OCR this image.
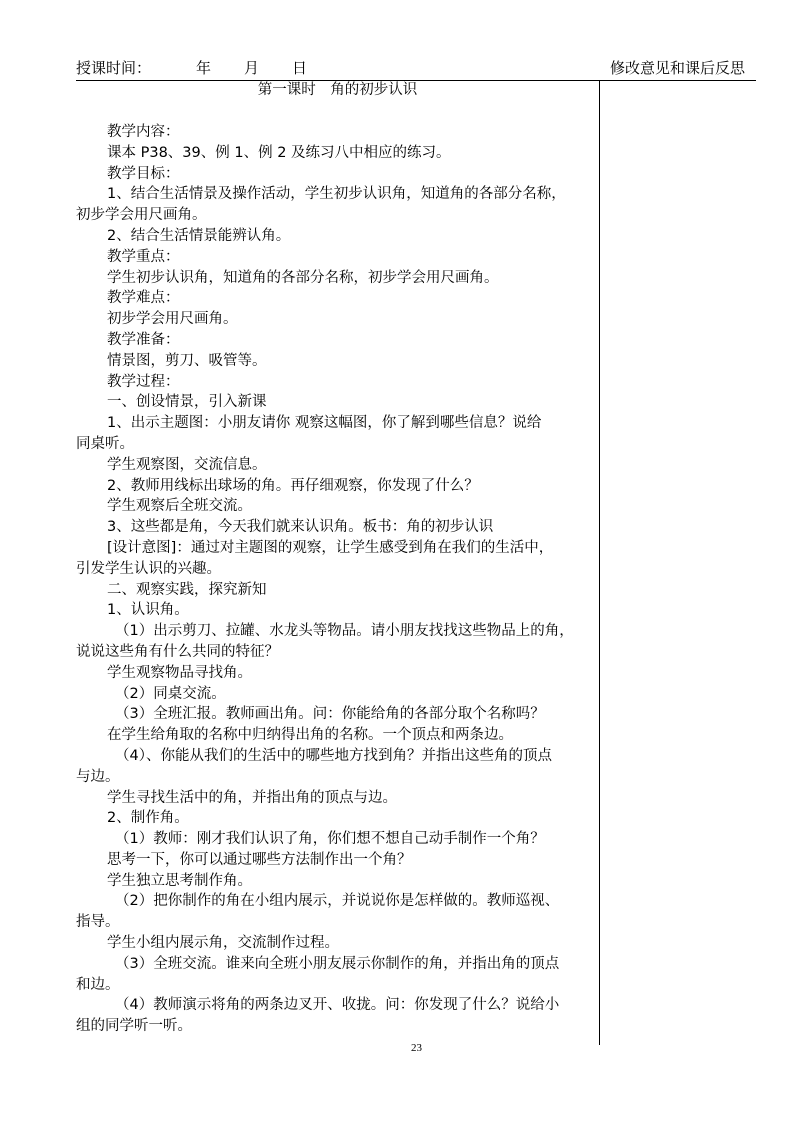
授课时间：	年 月 日	修改意见和课后反思
第一课时　角的初步认识

教学内容：

课本 P38、39、例 1、例 2 及练习八中相应的练习。

教学目标：

1、结合生活情景及操作活动，学生初步认识角，知道角的各部分名称，

初步学会用尺画角。

2、结合生活情景能辨认角。

教学重点：

学生初步认识角，知道角的各部分名称，初步学会用尺画角。

教学难点：

初步学会用尺画角。

教学准备：

情景图，剪刀、吸管等。

教学过程：

一、创设情景，引入新课

1、出示主题图：小朋友请你 观察这幅图，你了解到哪些信息？说给

同桌听。

学生观察图，交流信息。

2、教师用线标出球场的角。再仔细观察，你发现了什么？

学生观察后全班交流。

3、这些都是角，今天我们就来认识角。板书：角的初步认识

[设计意图]：通过对主题图的观察，让学生感受到角在我们的生活中，

引发学生认识的兴趣。

二、观察实践，探究新知

1、认识角。

（1）出示剪刀、拉罐、水龙头等物品。请小朋友找找这些物品上的角，

说说这些角有什么共同的特征？

学生观察物品寻找角。

（2）同桌交流。

（3）全班汇报。教师画出角。问：你能给角的各部分取个名称吗？

在学生给角取的名称中归纳得出角的名称。一个顶点和两条边。

（4）、你能从我们的生活中的哪些地方找到角？并指出这些角的顶点

与边。

学生寻找生活中的角，并指出角的顶点与边。

2、制作角。

（1）教师：刚才我们认识了角，你们想不想自己动手制作一个角？

思考一下，你可以通过哪些方法制作出一个角？

学生独立思考制作角。

（2）把你制作的角在小组内展示，并说说你是怎样做的。教师巡视、

指导。

学生小组内展示角，交流制作过程。

（3）全班交流。谁来向全班小朋友展示你制作的角，并指出角的顶点

和边。

（4）教师演示将角的两条边叉开、收拢。问：你发现了什么？说给小

组的同学听一听。

23
